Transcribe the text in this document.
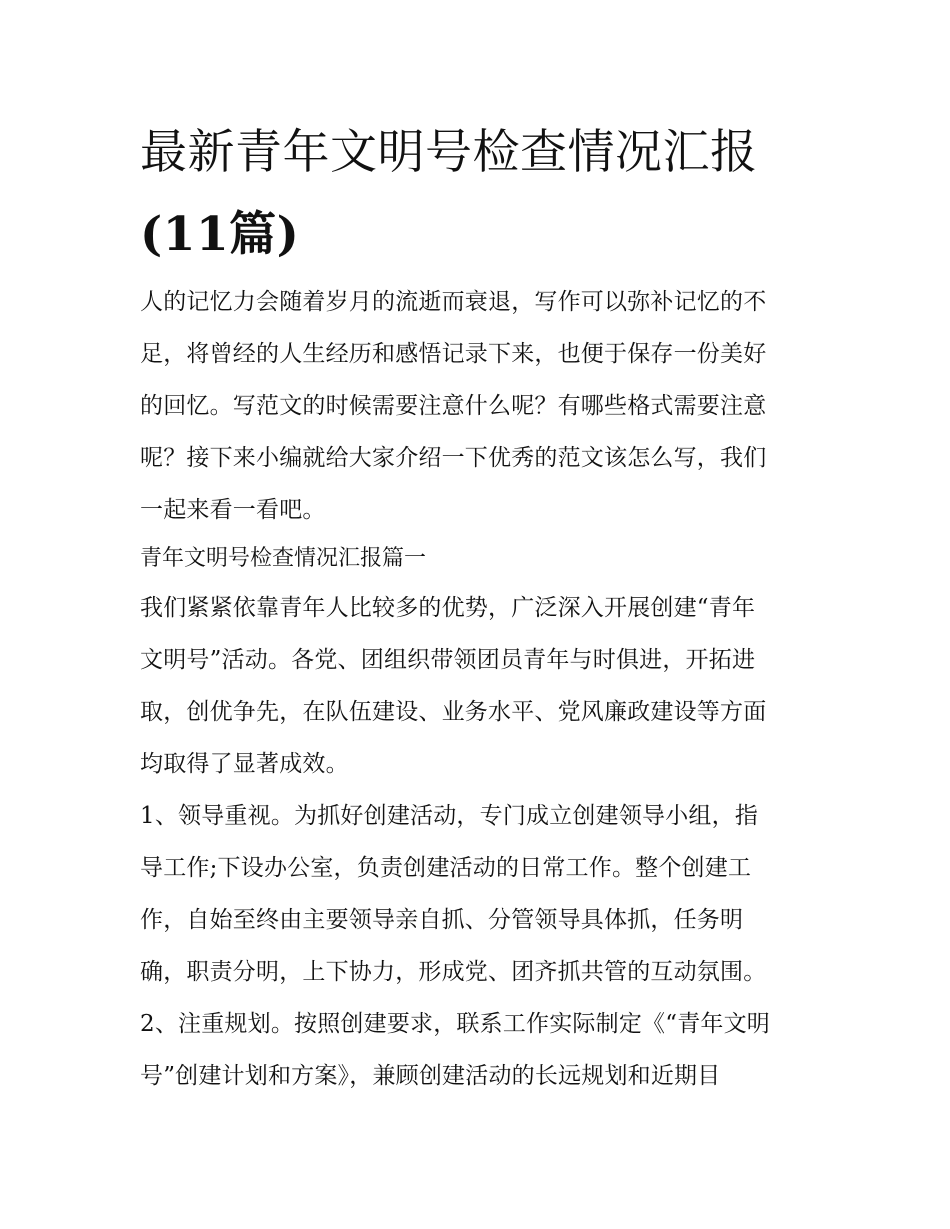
最新青年文明号检查情况汇报
(11篇)
人的记忆力会随着岁月的流逝而衰退，写作可以弥补记忆的不
足，将曾经的人生经历和感悟记录下来，也便于保存一份美好
的回忆。写范文的时候需要注意什么呢？有哪些格式需要注意
呢？接下来小编就给大家介绍一下优秀的范文该怎么写，我们
一起来看一看吧。
青年文明号检查情况汇报篇一
我们紧紧依靠青年人比较多的优势，广泛深入开展创建“青年
文明号”活动。各党、团组织带领团员青年与时俱进，开拓进
取，创优争先，在队伍建设、业务水平、党风廉政建设等方面
均取得了显著成效。
1、领导重视。为抓好创建活动，专门成立创建领导小组，指
导工作;下设办公室，负责创建活动的日常工作。整个创建工
作，自始至终由主要领导亲自抓、分管领导具体抓，任务明
确，职责分明，上下协力，形成党、团齐抓共管的互动氛围。
2、注重规划。按照创建要求，联系工作实际制定《“青年文明
号”创建计划和方案》，兼顾创建活动的长远规划和近期目
